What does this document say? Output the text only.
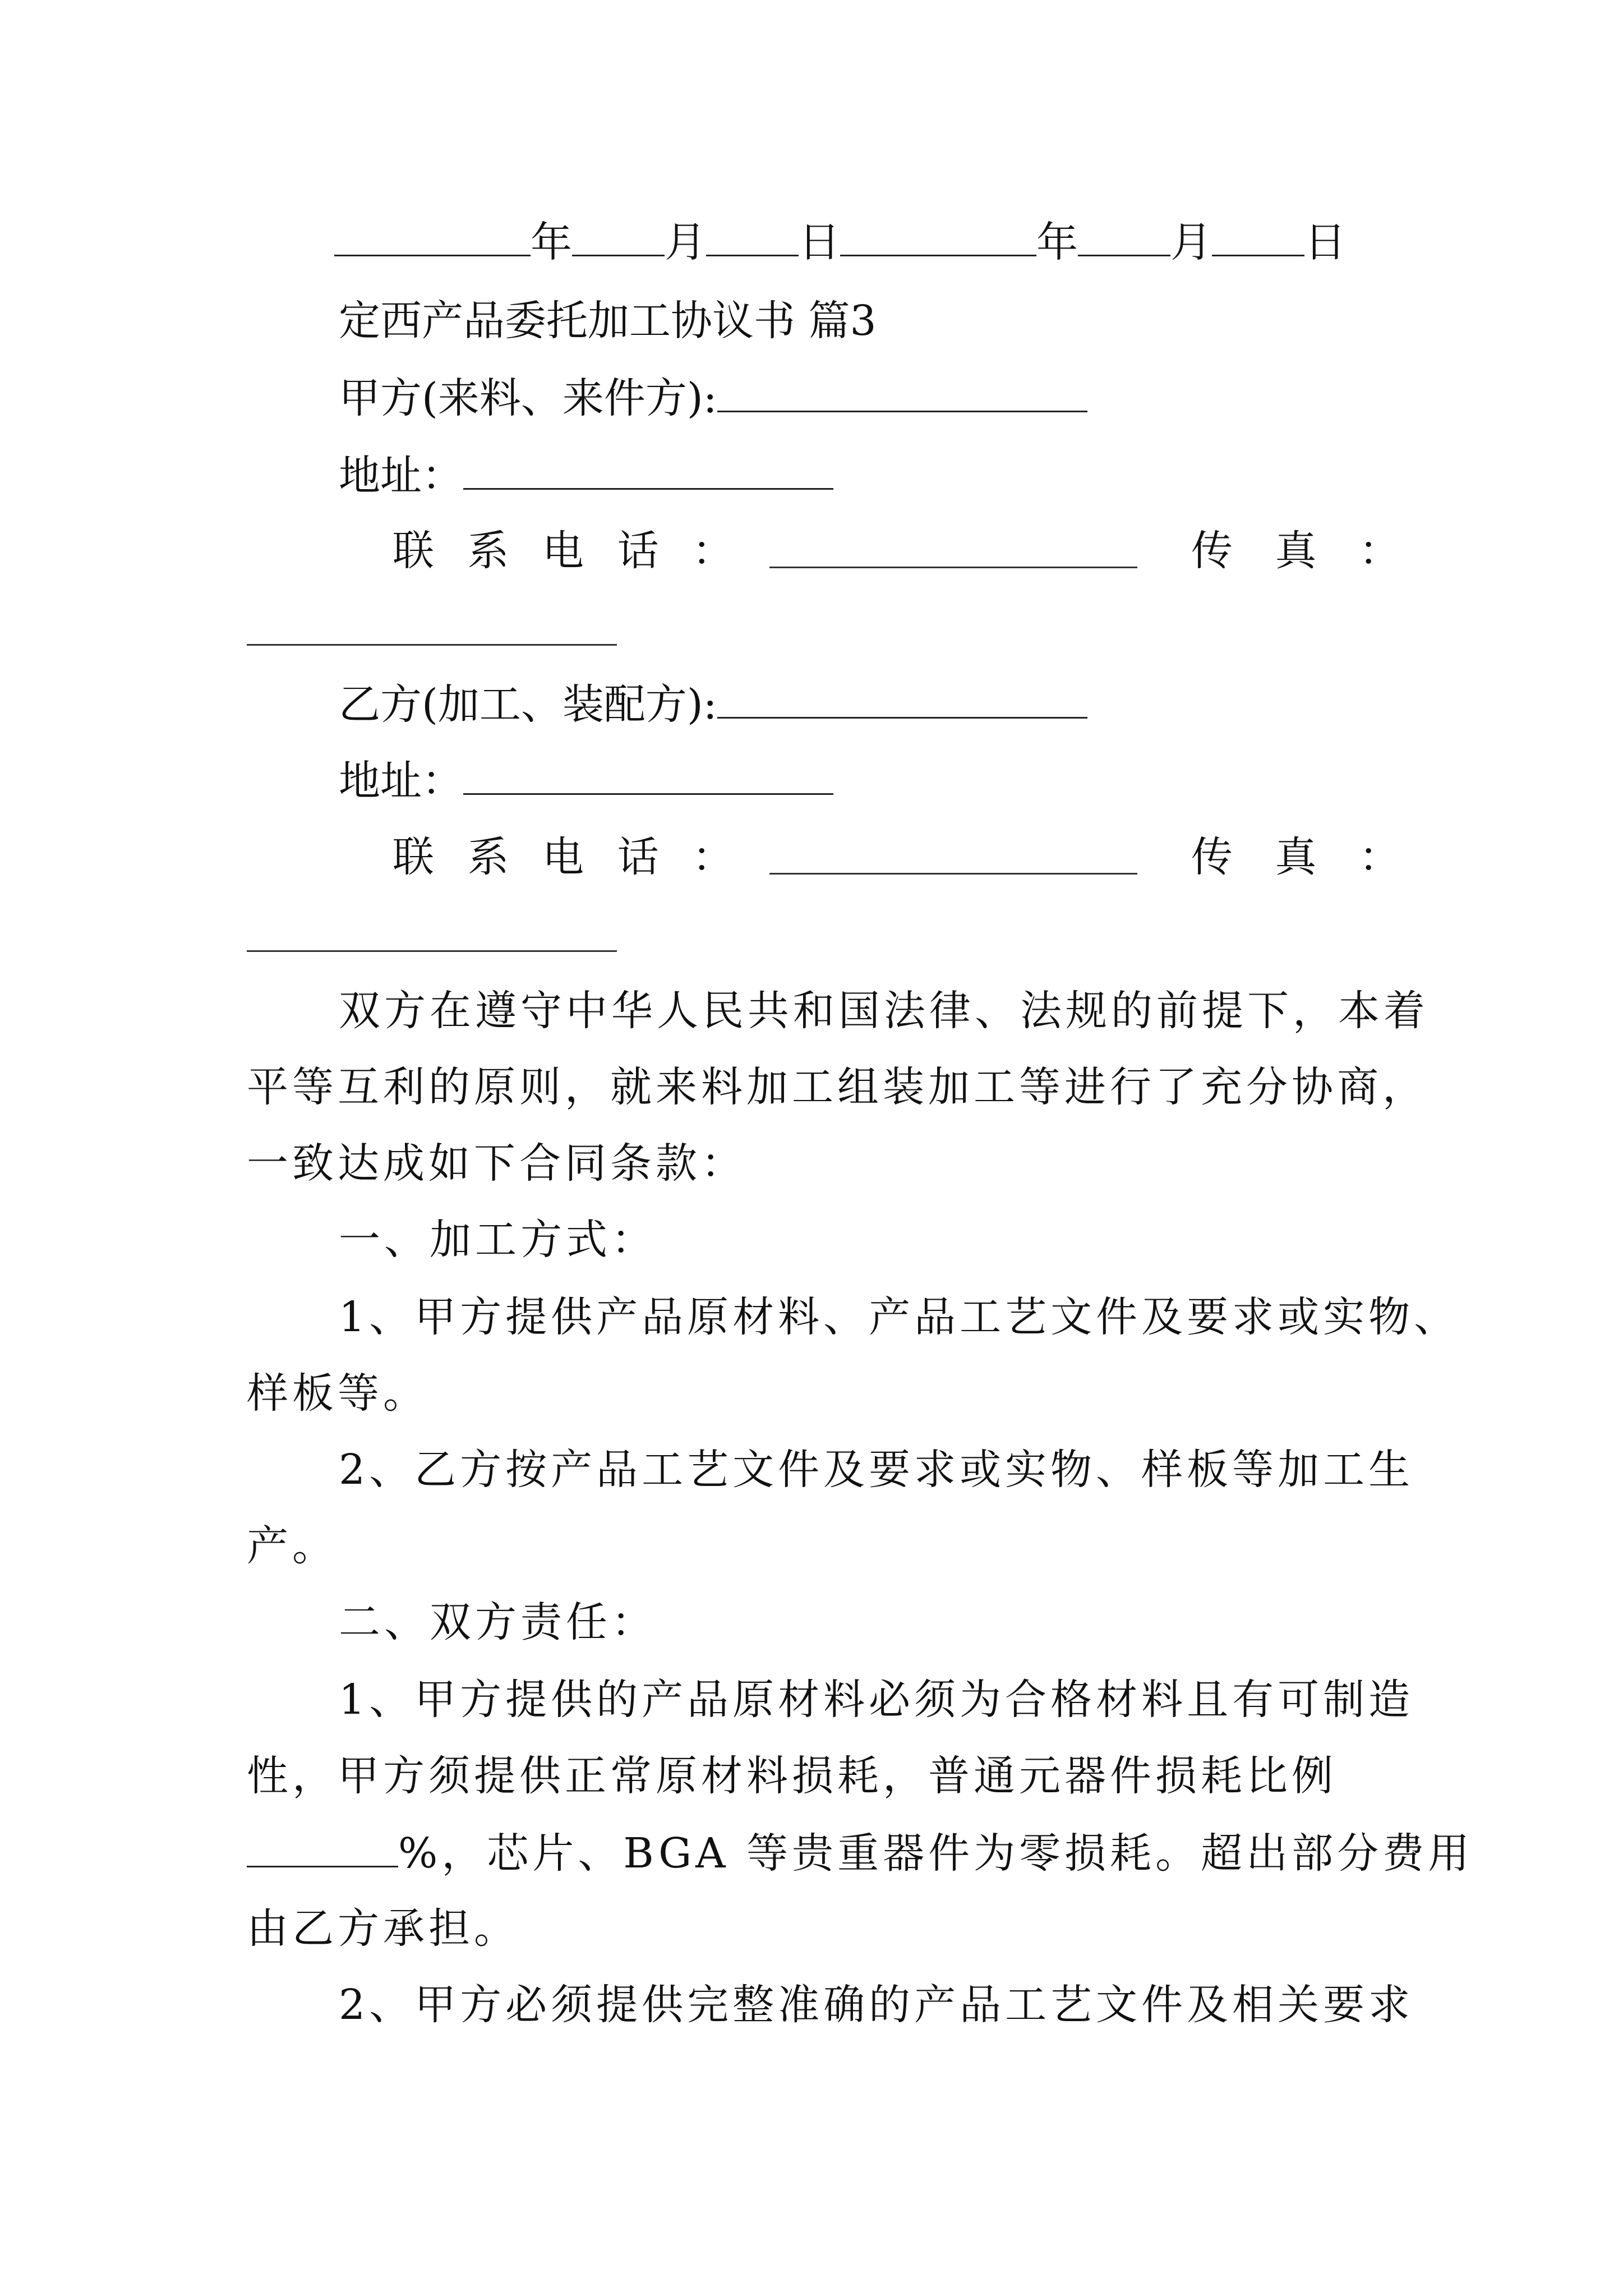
年 月 日	年 月 日
定西产品委托加工协议书 篇3
甲方(来料、来件方):
地址：
联 系 电 话 ：	传 真 ：
乙方(加工、装配方):
地址：
联 系 电 话 ：	传 真 ：
双方在遵守中华人民共和国法律、法规的前提下，本着
平等互利的原则，就来料加工组装加工等进行了充分协商，
一致达成如下合同条款：
一、加工方式：
1、甲方提供产品原材料、产品工艺文件及要求或实物、
样板等。
2、乙方按产品工艺文件及要求或实物、样板等加工生
产。
二、双方责任：
1、甲方提供的产品原材料必须为合格材料且有可制造
性，甲方须提供正常原材料损耗，普通元器件损耗比例
%，芯片、BGA 等贵重器件为零损耗。超出部分费用
由乙方承担。
2、甲方必须提供完整准确的产品工艺文件及相关要求
